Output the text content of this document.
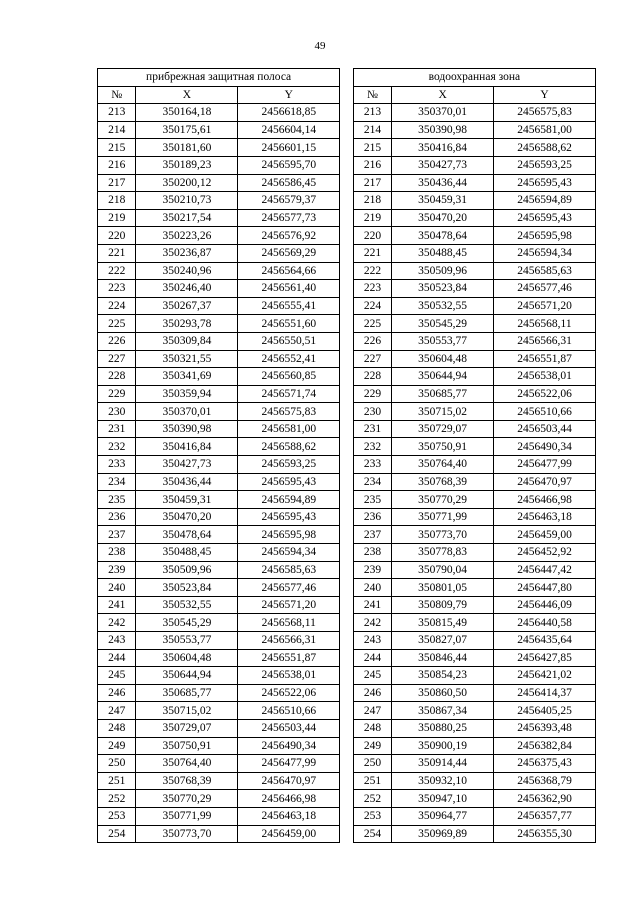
49
прибрежная защитная полоса				водоохранная зона		
№	X	Y		№	X	Y
213	350164,18	2456618,85		213	350370,01	2456575,83
214	350175,61	2456604,14		214	350390,98	2456581,00
215	350181,60	2456601,15		215	350416,84	2456588,62
216	350189,23	2456595,70		216	350427,73	2456593,25
217	350200,12	2456586,45		217	350436,44	2456595,43
218	350210,73	2456579,37		218	350459,31	2456594,89
219	350217,54	2456577,73		219	350470,20	2456595,43
220	350223,26	2456576,92		220	350478,64	2456595,98
221	350236,87	2456569,29		221	350488,45	2456594,34
222	350240,96	2456564,66		222	350509,96	2456585,63
223	350246,40	2456561,40		223	350523,84	2456577,46
224	350267,37	2456555,41		224	350532,55	2456571,20
225	350293,78	2456551,60		225	350545,29	2456568,11
226	350309,84	2456550,51		226	350553,77	2456566,31
227	350321,55	2456552,41		227	350604,48	2456551,87
228	350341,69	2456560,85		228	350644,94	2456538,01
229	350359,94	2456571,74		229	350685,77	2456522,06
230	350370,01	2456575,83		230	350715,02	2456510,66
231	350390,98	2456581,00		231	350729,07	2456503,44
232	350416,84	2456588,62		232	350750,91	2456490,34
233	350427,73	2456593,25		233	350764,40	2456477,99
234	350436,44	2456595,43		234	350768,39	2456470,97
235	350459,31	2456594,89		235	350770,29	2456466,98
236	350470,20	2456595,43		236	350771,99	2456463,18
237	350478,64	2456595,98		237	350773,70	2456459,00
238	350488,45	2456594,34		238	350778,83	2456452,92
239	350509,96	2456585,63		239	350790,04	2456447,42
240	350523,84	2456577,46		240	350801,05	2456447,80
241	350532,55	2456571,20		241	350809,79	2456446,09
242	350545,29	2456568,11		242	350815,49	2456440,58
243	350553,77	2456566,31		243	350827,07	2456435,64
244	350604,48	2456551,87		244	350846,44	2456427,85
245	350644,94	2456538,01		245	350854,23	2456421,02
246	350685,77	2456522,06		246	350860,50	2456414,37
247	350715,02	2456510,66		247	350867,34	2456405,25
248	350729,07	2456503,44		248	350880,25	2456393,48
249	350750,91	2456490,34		249	350900,19	2456382,84
250	350764,40	2456477,99		250	350914,44	2456375,43
251	350768,39	2456470,97		251	350932,10	2456368,79
252	350770,29	2456466,98		252	350947,10	2456362,90
253	350771,99	2456463,18		253	350964,77	2456357,77
254	350773,70	2456459,00		254	350969,89	2456355,30
